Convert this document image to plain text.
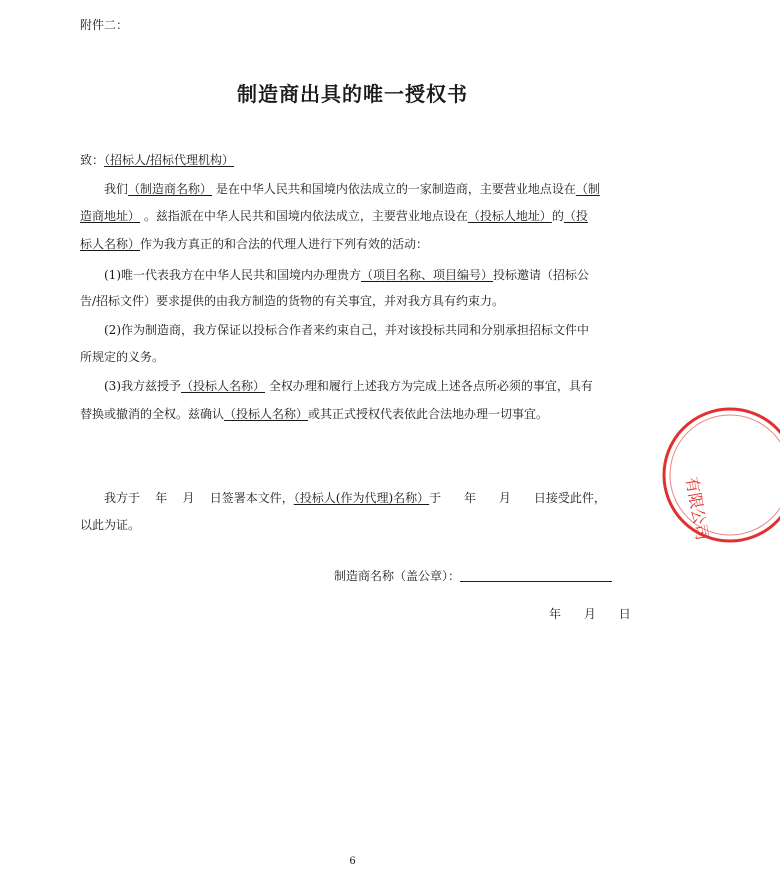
附件二：
制造商出具的唯一授权书
致：（招标人/招标代理机构）
我们（制造商名称） 是在中华人民共和国境内依法成立的一家制造商，主要营业地点设在（制
造商地址） 。兹指派在中华人民共和国境内依法成立，主要营业地点设在（投标人地址）的（投
标人名称）作为我方真正的和合法的代理人进行下列有效的活动：
(1)唯一代表我方在中华人民共和国境内办理贵方（项目名称、项目编号）投标邀请（招标公
告/招标文件）要求提供的由我方制造的货物的有关事宜，并对我方具有约束力。
(2)作为制造商，我方保证以投标合作者来约束自己，并对该投标共同和分别承担招标文件中
所规定的义务。
(3)我方兹授予（投标人名称） 全权办理和履行上述我方为完成上述各点所必须的事宜，具有
替换或撤消的全权。兹确认（投标人名称）或其正式授权代表依此合法地办理一切事宜。
我方于    年    月    日签署本文件，（投标人(作为代理)名称）于      年      月      日接受此件，
以此为证。
制造商名称（盖公章）：
年      月      日
有限公司
6
